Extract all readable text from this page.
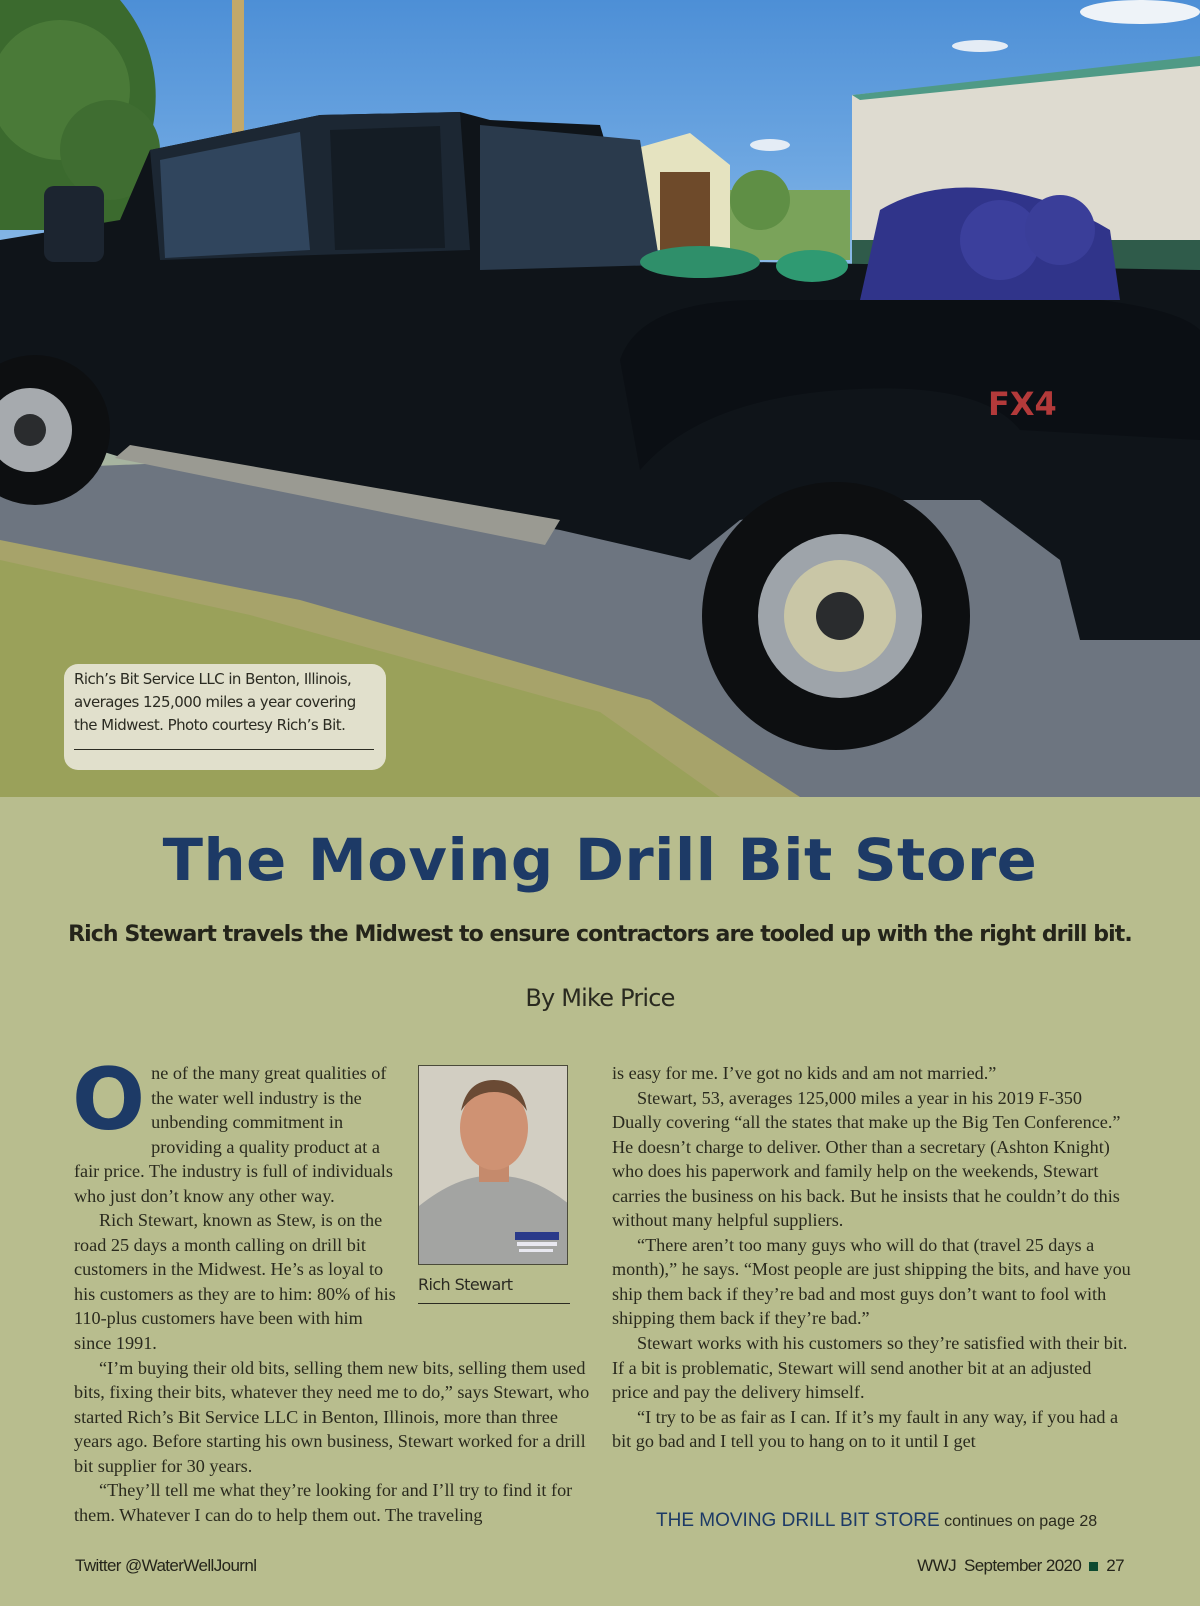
FX4
Rich’s Bit Service LLC in Benton, Illinois, averages 125,000 miles a year covering the Midwest. Photo courtesy Rich’s Bit.
The Moving Drill Bit Store
Rich Stewart travels the Midwest to ensure contractors are tooled up with the right drill bit.
By Mike Price
Rich Stewart
O ne of the many great qualities of the water well industry is the unbending commitment in providing a quality product at a fair price. The industry is full of individuals who just don’t know any other way.

Rich Stewart, known as Stew, is on the road 25 days a month calling on drill bit customers in the Midwest. He’s as loyal to his customers as they are to him: 80% of his 110-plus customers have been with him since 1991.

“I’m buying their old bits, selling them new bits, selling them used bits, fixing their bits, whatever they need me to do,” says Stewart, who started Rich’s Bit Service LLC in Benton, Illinois, more than three years ago. Before starting his own business, Stewart worked for a drill bit supplier for 30 years.

“They’ll tell me what they’re looking for and I’ll try to find it for them. Whatever I can do to help them out. The traveling

is easy for me. I’ve got no kids and am not married.”

Stewart, 53, averages 125,000 miles a year in his 2019 F-350 Dually covering “all the states that make up the Big Ten Conference.” He doesn’t charge to deliver. Other than a secretary (Ashton Knight) who does his paperwork and family help on the weekends, Stewart carries the business on his back. But he insists that he couldn’t do this without many helpful suppliers.

“There aren’t too many guys who will do that (travel 25 days a month),” he says. “Most people are just shipping the bits, and have you ship them back if they’re bad and most guys don’t want to fool with shipping them back if they’re bad.”

Stewart works with his customers so they’re satisfied with their bit. If a bit is problematic, Stewart will send another bit at an adjusted price and pay the delivery himself.

“I try to be as fair as I can. If it’s my fault in any way, if you had a bit go bad and I tell you to hang on to it until I get

THE MOVING DRILL BIT STORE continues on page 28
Twitter @WaterWellJournl	WWJ September 2020 27
